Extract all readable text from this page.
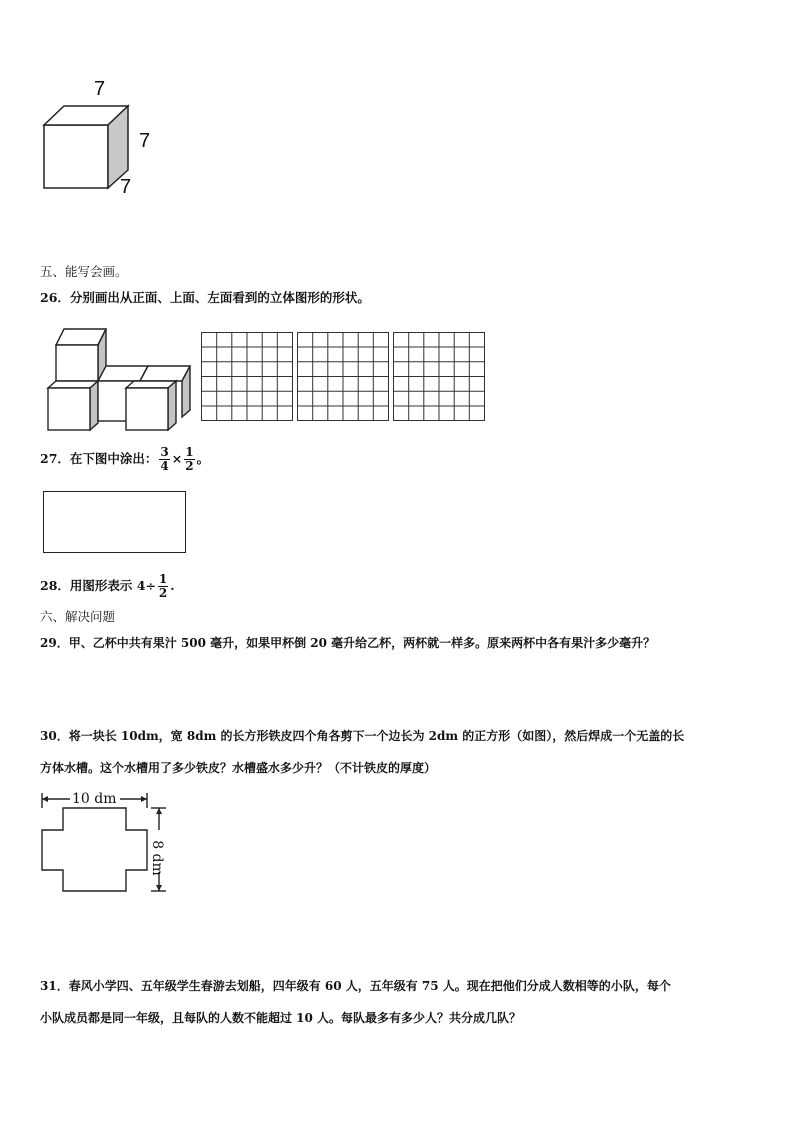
7
7
7
五、能写会画。
26．分别画出从正面、上面、左面看到的立体图形的形状。
27．在下图中涂出： $\frac{3}{4} \times \frac{1}{2}$ 。
28．用图形表示 $4\div \frac{1}{2}$ .
六、解决问题
29．甲、乙杯中共有果汁 500 毫升，如果甲杯倒 20 毫升给乙杯，两杯就一样多。原来两杯中各有果汁多少毫升？
30．将一块长 10dm，宽 8dm 的长方形铁皮四个角各剪下一个边长为 2dm 的正方形（如图），然后焊成一个无盖的长
方体水槽。这个水槽用了多少铁皮？水槽盛水多少升？（不计铁皮的厚度）
10 dm
8 dm
31．春风小学四、五年级学生春游去划船，四年级有 60 人，五年级有 75 人。现在把他们分成人数相等的小队，每个
小队成员都是同一年级，且每队的人数不能超过 10 人。每队最多有多少人？共分成几队？
